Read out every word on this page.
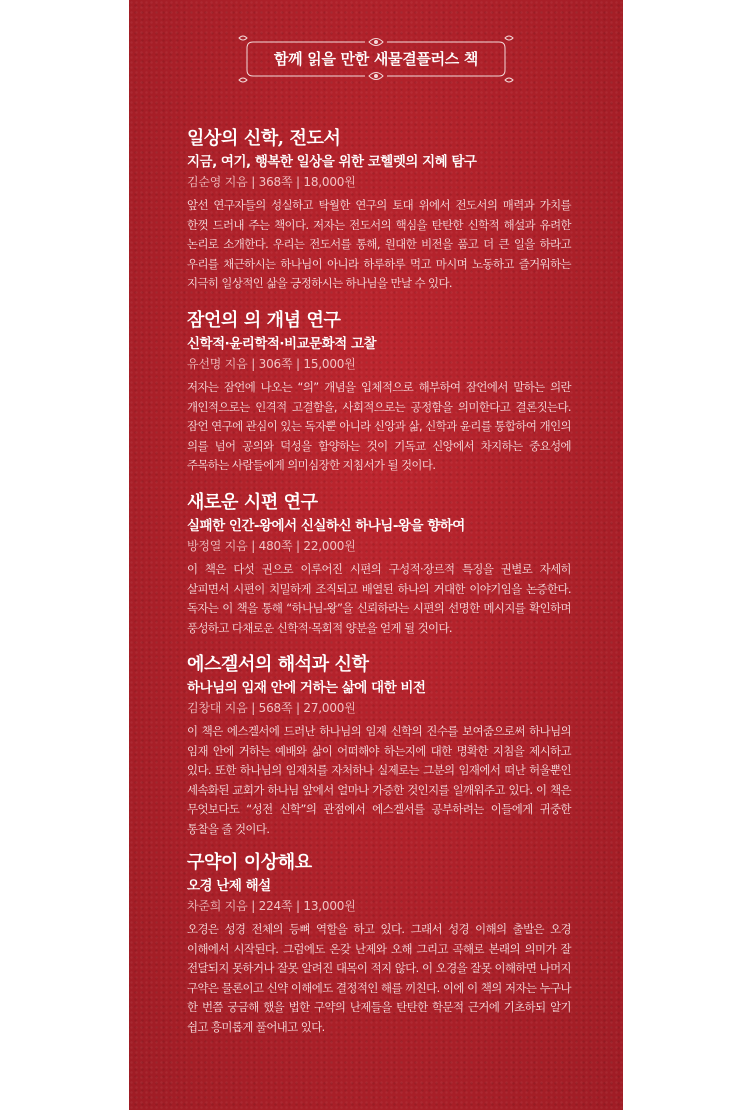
함께 읽을 만한 새물결플러스 책
일상의 신학, 전도서
지금, 여기, 행복한 일상을 위한 코헬렛의 지혜 탐구
김순영 지음 | 368쪽 | 18,000원
앞선 연구자들의 성실하고 탁월한 연구의 토대 위에서 전도서의 매력과 가치를 한껏 드러내 주는 책이다. 저자는 전도서의 핵심을 탄탄한 신학적 해설과 유려한 논리로 소개한다. 우리는 전도서를 통해, 원대한 비전을 품고 더 큰 일을 하라고 우리를 채근하시는 하나님이 아니라 하루하루 먹고 마시며 노동하고 즐거워하는 지극히 일상적인 삶을 긍정하시는 하나님을 만날 수 있다.
잠언의 의 개념 연구
신학적·윤리학적·비교문화적 고찰
유선명 지음 | 306쪽 | 15,000원
저자는 잠언에 나오는 “의” 개념을 입체적으로 해부하여 잠언에서 말하는 의란 개인적으로는 인격적 고결함을, 사회적으로는 공정함을 의미한다고 결론짓는다. 잠언 연구에 관심이 있는 독자뿐 아니라 신앙과 삶, 신학과 윤리를 통합하여 개인의 의를 넘어 공의와 덕성을 함양하는 것이 기독교 신앙에서 차지하는 중요성에 주목하는 사람들에게 의미심장한 지침서가 될 것이다.
새로운 시편 연구
실패한 인간-왕에서 신실하신 하나님-왕을 향하여
방정열 지음 | 480쪽 | 22,000원
이 책은 다섯 권으로 이루어진 시편의 구성적·장르적 특징을 권별로 자세히 살피면서 시편이 치밀하게 조직되고 배열된 하나의 거대한 이야기임을 논증한다. 독자는 이 책을 통해 “하나님-왕”을 신뢰하라는 시편의 선명한 메시지를 확인하며 풍성하고 다채로운 신학적·목회적 양분을 얻게 될 것이다.
에스겔서의 해석과 신학
하나님의 임재 안에 거하는 삶에 대한 비전
김창대 지음 | 568쪽 | 27,000원
이 책은 에스겔서에 드러난 하나님의 임재 신학의 진수를 보여줌으로써 하나님의 임재 안에 거하는 예배와 삶이 어떠해야 하는지에 대한 명확한 지침을 제시하고 있다. 또한 하나님의 임재처를 자처하나 실제로는 그분의 임재에서 떠난 허울뿐인 세속화된 교회가 하나님 앞에서 얼마나 가증한 것인지를 일깨워주고 있다. 이 책은 무엇보다도 “성전 신학”의 관점에서 에스겔서를 공부하려는 이들에게 귀중한 통찰을 줄 것이다.
구약이 이상해요
오경 난제 해설
차준희 지음 | 224쪽 | 13,000원
오경은 성경 전체의 등뼈 역할을 하고 있다. 그래서 성경 이해의 출발은 오경 이해에서 시작된다. 그럼에도 온갖 난제와 오해 그리고 곡해로 본래의 의미가 잘 전달되지 못하거나 잘못 알려진 대목이 적지 않다. 이 오경을 잘못 이해하면 나머지 구약은 물론이고 신약 이해에도 결정적인 해를 끼친다. 이에 이 책의 저자는 누구나 한 번쯤 궁금해 했을 법한 구약의 난제들을 탄탄한 학문적 근거에 기초하되 알기 쉽고 흥미롭게 풀어내고 있다.
